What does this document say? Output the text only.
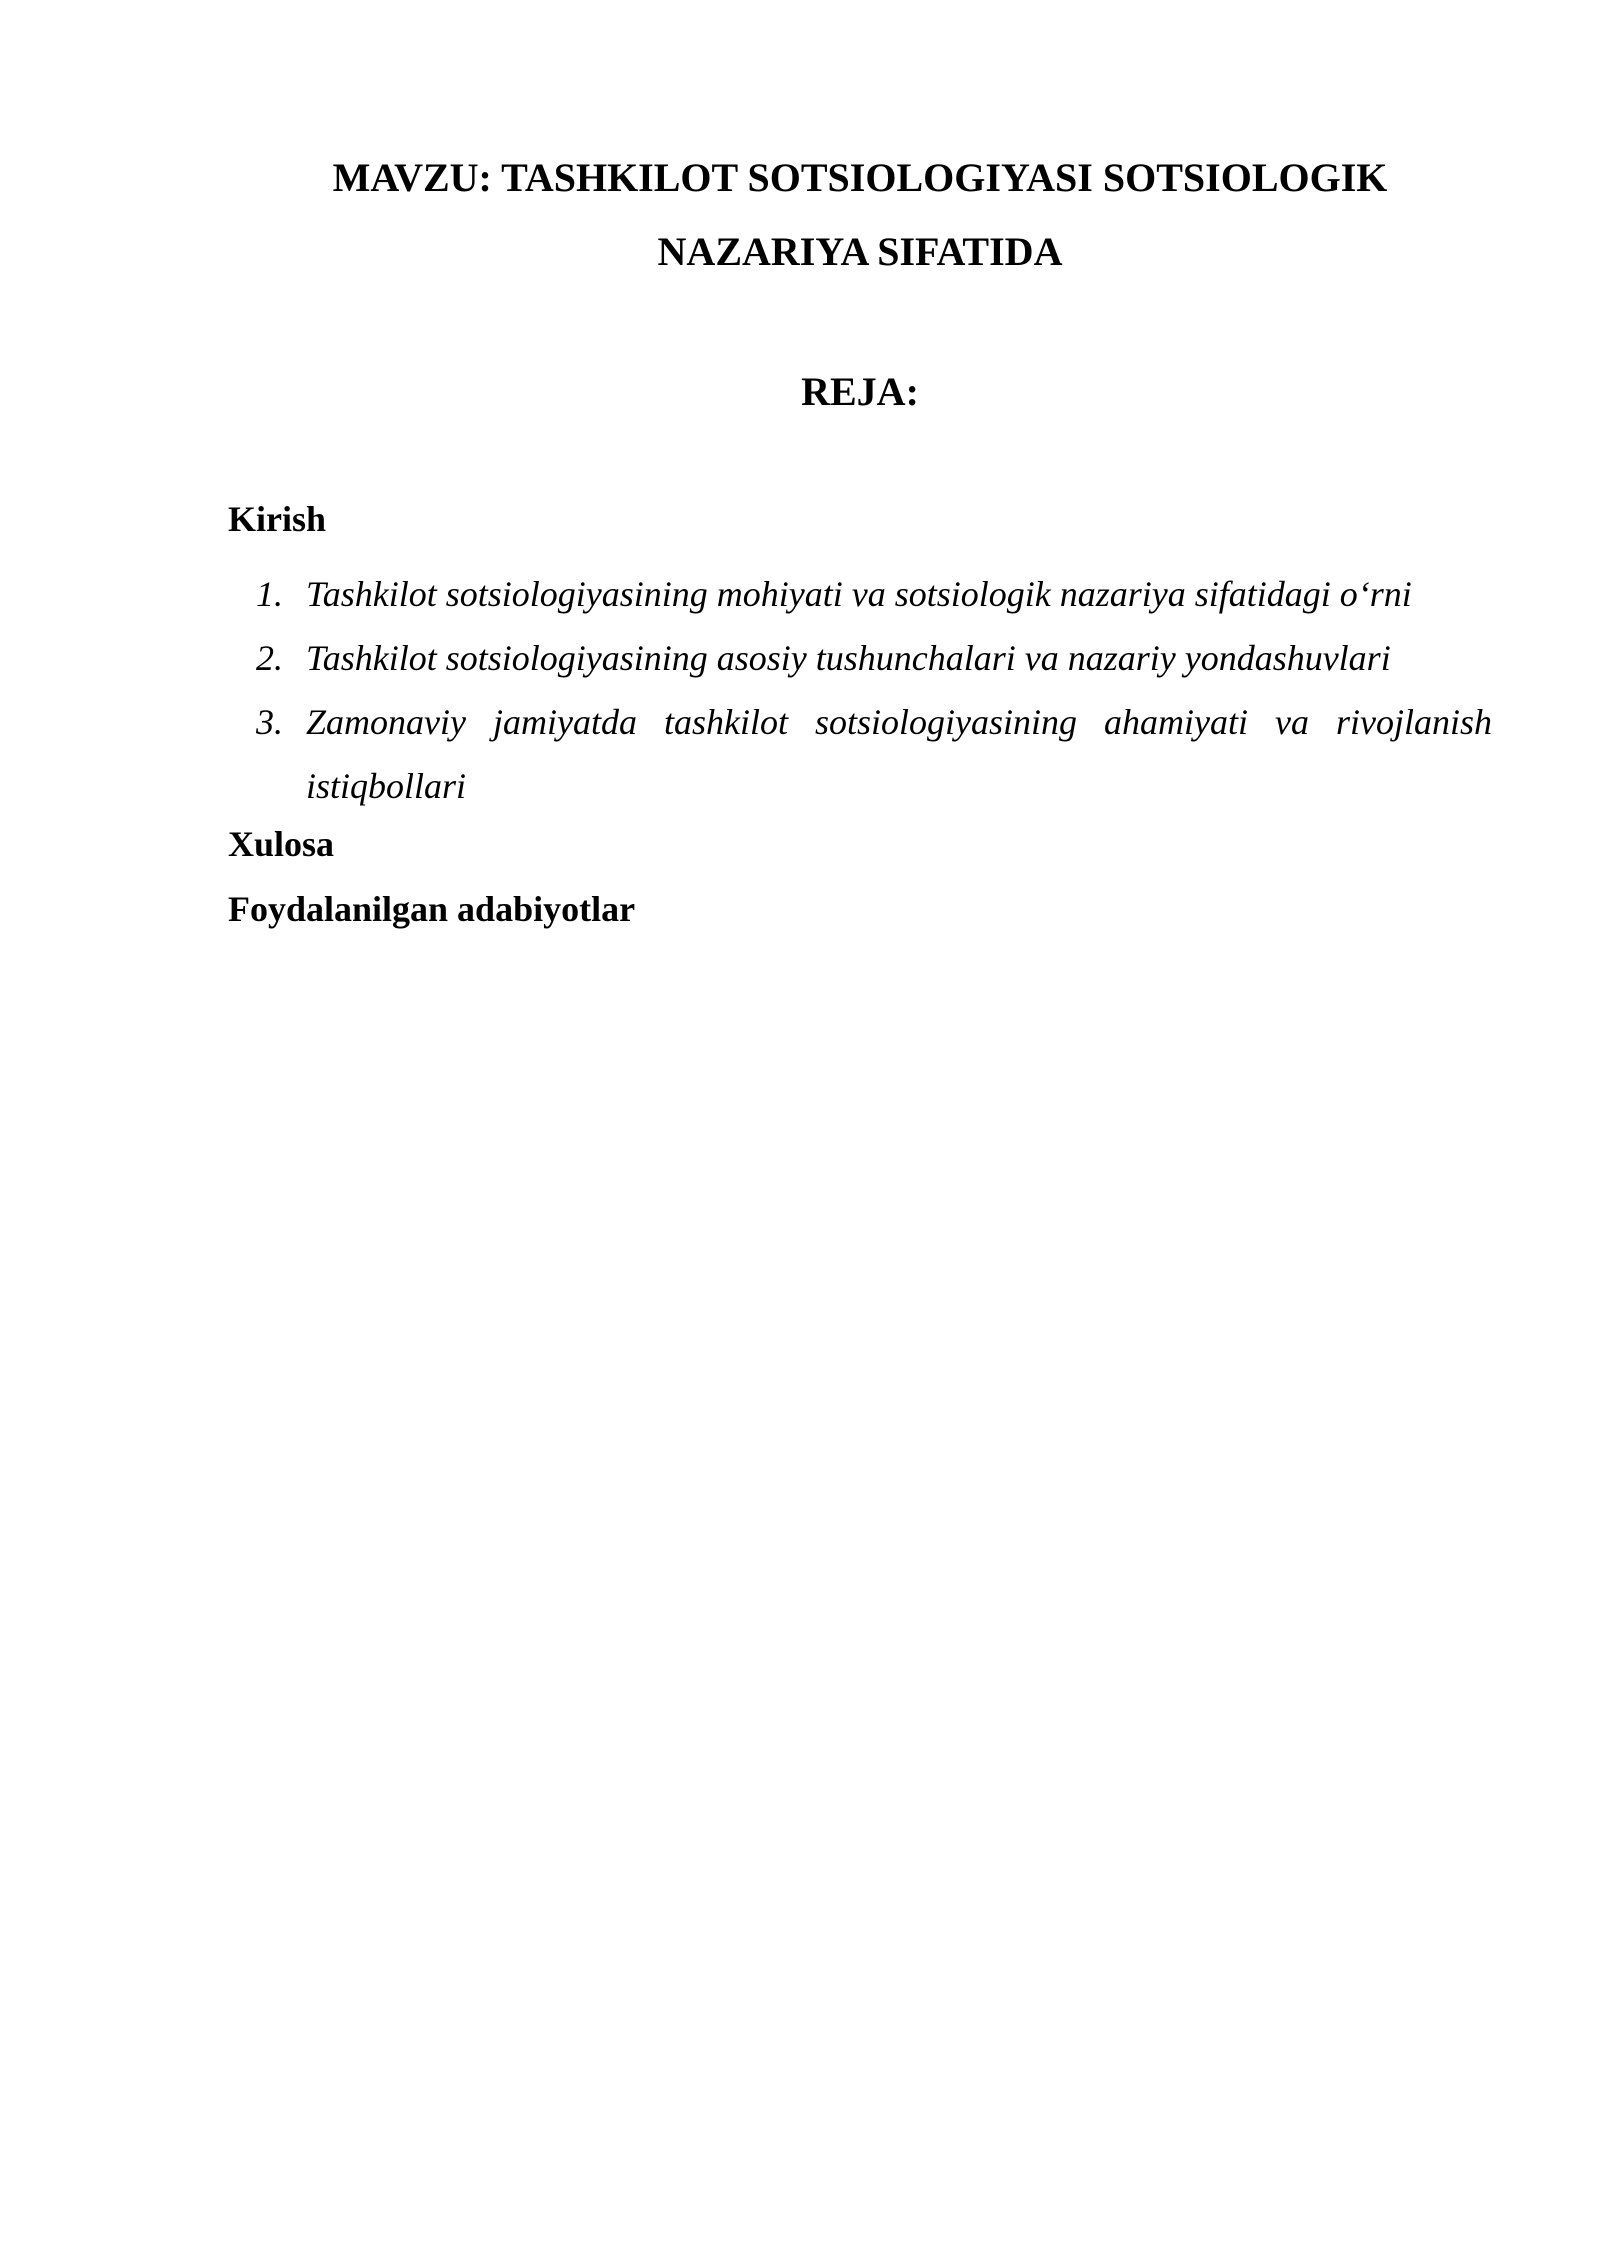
MAVZU: TASHKILOT SOTSIOLOGIYASI SOTSIOLOGIK
NAZARIYA SIFATIDA
REJA:
Kirish
1. Tashkilot sotsiologiyasining mohiyati va sotsiologik nazariya sifatidagi o‘rni
2. Tashkilot sotsiologiyasining asosiy tushunchalari va nazariy yondashuvlari
3. Zamonaviy jamiyatda tashkilot sotsiologiyasining ahamiyati va rivojlanish istiqbollari
Xulosa
Foydalanilgan adabiyotlar
